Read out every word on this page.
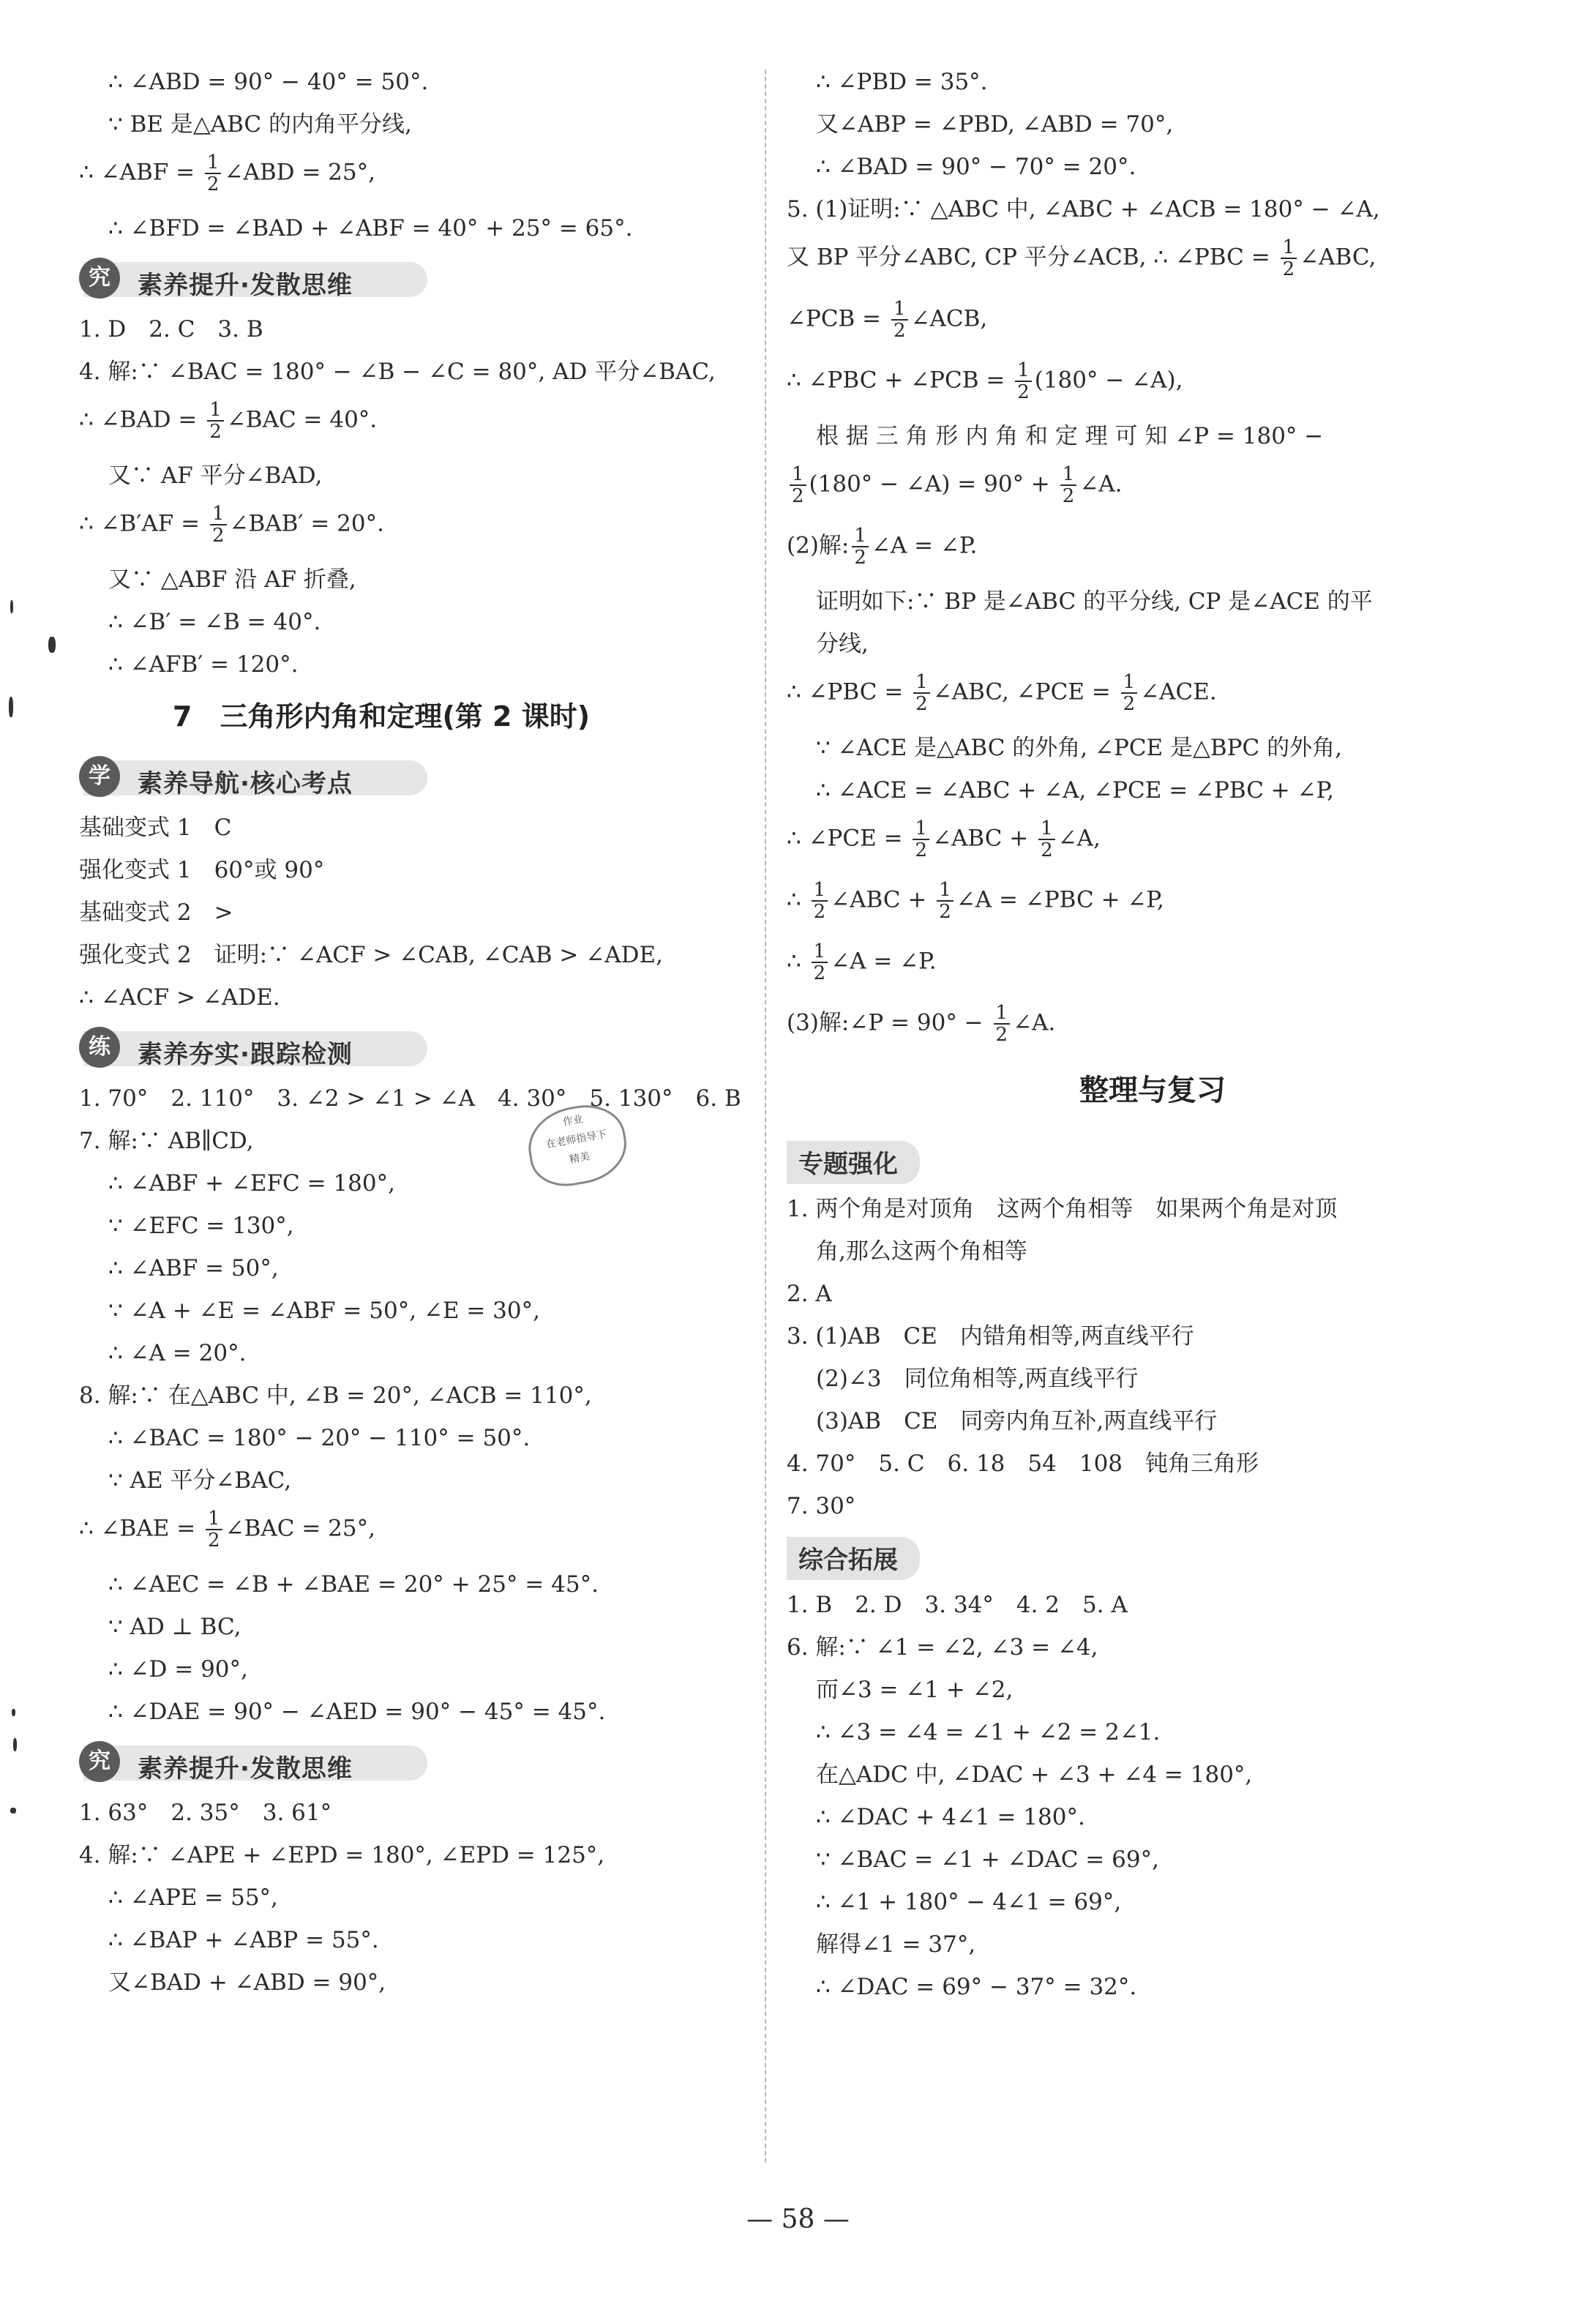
∴ ∠ABD = 90° − 40° = 50°.
∵ BE 是△ABC 的内角平分线,
∴ ∠ABF = $\frac{1}{2}$ ∠ABD = 25°,
∴ ∠BFD = ∠BAD + ∠ABF = 40° + 25° = 65°.
究	素养提升·发散思维
1. D　2. C　3. B
4. 解:∵ ∠BAC = 180° − ∠B − ∠C = 80°, AD 平分∠BAC,
∴ ∠BAD = $\frac{1}{2}$ ∠BAC = 40°.
又∵ AF 平分∠BAD,
∴ ∠B′AF = $\frac{1}{2}$ ∠BAB′ = 20°.
又∵ △ABF 沿 AF 折叠,
∴ ∠B′ = ∠B = 40°.
∴ ∠AFB′ = 120°.
7　三角形内角和定理(第 2 课时)
学	素养导航·核心考点
基础变式 1　C
强化变式 1　60°或 90°
基础变式 2　>
强化变式 2　证明:∵ ∠ACF > ∠CAB, ∠CAB > ∠ADE,
∴ ∠ACF > ∠ADE.
练	素养夯实·跟踪检测
1. 70°　2. 110°　3. ∠2 > ∠1 > ∠A　4. 30°　5. 130°　6. B
7. 解:∵ AB∥CD,
∴ ∠ABF + ∠EFC = 180°,
∵ ∠EFC = 130°,
∴ ∠ABF = 50°,
∵ ∠A + ∠E = ∠ABF = 50°, ∠E = 30°,
∴ ∠A = 20°.
8. 解:∵ 在△ABC 中, ∠B = 20°, ∠ACB = 110°,
∴ ∠BAC = 180° − 20° − 110° = 50°.
∵ AE 平分∠BAC,
∴ ∠BAE = $\frac{1}{2}$ ∠BAC = 25°,
∴ ∠AEC = ∠B + ∠BAE = 20° + 25° = 45°.
∵ AD ⊥ BC,
∴ ∠D = 90°,
∴ ∠DAE = 90° − ∠AED = 90° − 45° = 45°.
究	素养提升·发散思维
1. 63°　2. 35°　3. 61°
4. 解:∵ ∠APE + ∠EPD = 180°, ∠EPD = 125°,
∴ ∠APE = 55°,
∴ ∠BAP + ∠ABP = 55°.
又∠BAD + ∠ABD = 90°,
∴ ∠PBD = 35°.
又∠ABP = ∠PBD, ∠ABD = 70°,
∴ ∠BAD = 90° − 70° = 20°.
5. (1)证明:∵ △ABC 中, ∠ABC + ∠ACB = 180° − ∠A,
又 BP 平分∠ABC, CP 平分∠ACB, ∴ ∠PBC = $\frac{1}{2}$ ∠ABC,
∠PCB = $\frac{1}{2}$ ∠ACB,
∴ ∠PBC + ∠PCB = $\frac{1}{2} (180^\circ$ − ∠A),
根 据 三 角 形 内 角 和 定 理 可 知 ∠P = 180° −
$\frac{1}{2} (180^\circ$ − ∠A) = $90^\circ + \frac{1}{2}$ ∠A.
(2)解: $\frac{1}{2}$ ∠A = ∠P.
证明如下:∵ BP 是∠ABC 的平分线, CP 是∠ACE 的平
分线,
∴ ∠PBC = $\frac{1}{2}$ ∠ABC, ∠PCE = $\frac{1}{2}$ ∠ACE.
∵ ∠ACE 是△ABC 的外角, ∠PCE 是△BPC 的外角,
∴ ∠ACE = ∠ABC + ∠A, ∠PCE = ∠PBC + ∠P,
∴ ∠PCE = $\frac{1}{2}$ ∠ABC + $\frac{1}{2}$ ∠A,
∴ $\frac{1}{2}$ ∠ABC + $\frac{1}{2}$ ∠A = ∠PBC + ∠P,
∴ $\frac{1}{2}$ ∠A = ∠P.
(3)解:∠P = $90^\circ - \frac{1}{2}$ ∠A.
整理与复习
专题强化
1. 两个角是对顶角　这两个角相等　如果两个角是对顶
角,那么这两个角相等
2. A
3. (1)AB　CE　内错角相等,两直线平行
(2)∠3　同位角相等,两直线平行
(3)AB　CE　同旁内角互补,两直线平行
4. 70°　5. C　6. 18　54　108　钝角三角形
7. 30°
综合拓展
1. B　2. D　3. 34°　4. 2　5. A
6. 解:∵ ∠1 = ∠2, ∠3 = ∠4,
而∠3 = ∠1 + ∠2,
∴ ∠3 = ∠4 = ∠1 + ∠2 = 2∠1.
在△ADC 中, ∠DAC + ∠3 + ∠4 = 180°,
∴ ∠DAC + 4∠1 = 180°.
∵ ∠BAC = ∠1 + ∠DAC = 69°,
∴ ∠1 + 180° − 4∠1 = 69°,
解得∠1 = 37°,
∴ ∠DAC = 69° − 37° = 32°.
作业
在老师指导下
精美
— 58 —
